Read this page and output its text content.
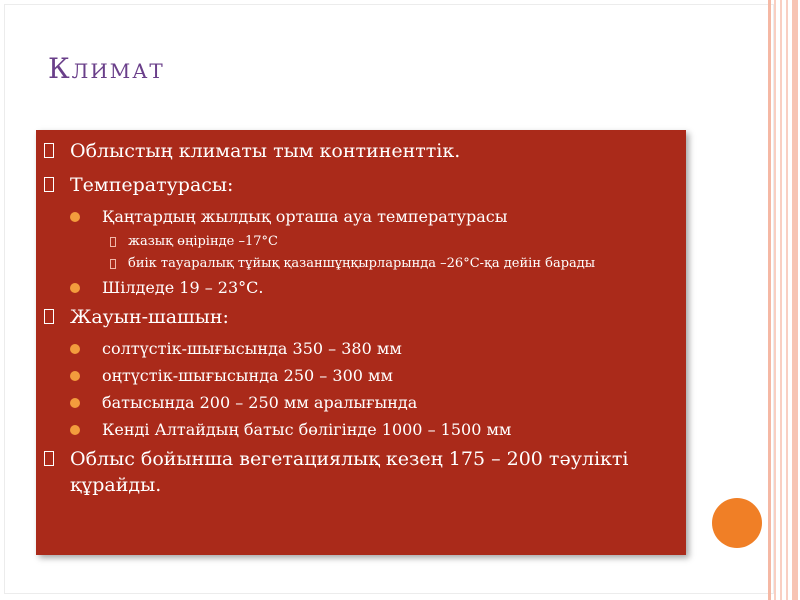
Климат
Облыстың климаты тым континенттік.
Температурасы:
Қаңтардың жылдық орташа ауа температурасы
жазық өңірінде –17°С
биік тауаралық тұйық қазаншұңқырларында –26°С-қа дейін барады
Шілдеде 19 – 23°С.
Жауын-шашын:
солтүстік-шығысында 350 – 380 мм
оңтүстік-шығысында 250 – 300 мм
батысында 200 – 250 мм аралығында
Кенді Алтайдың батыс бөлігінде 1000 – 1500 мм
Облыс бойынша вегетациялық кезең 175 – 200 тәулікті құрайды.
